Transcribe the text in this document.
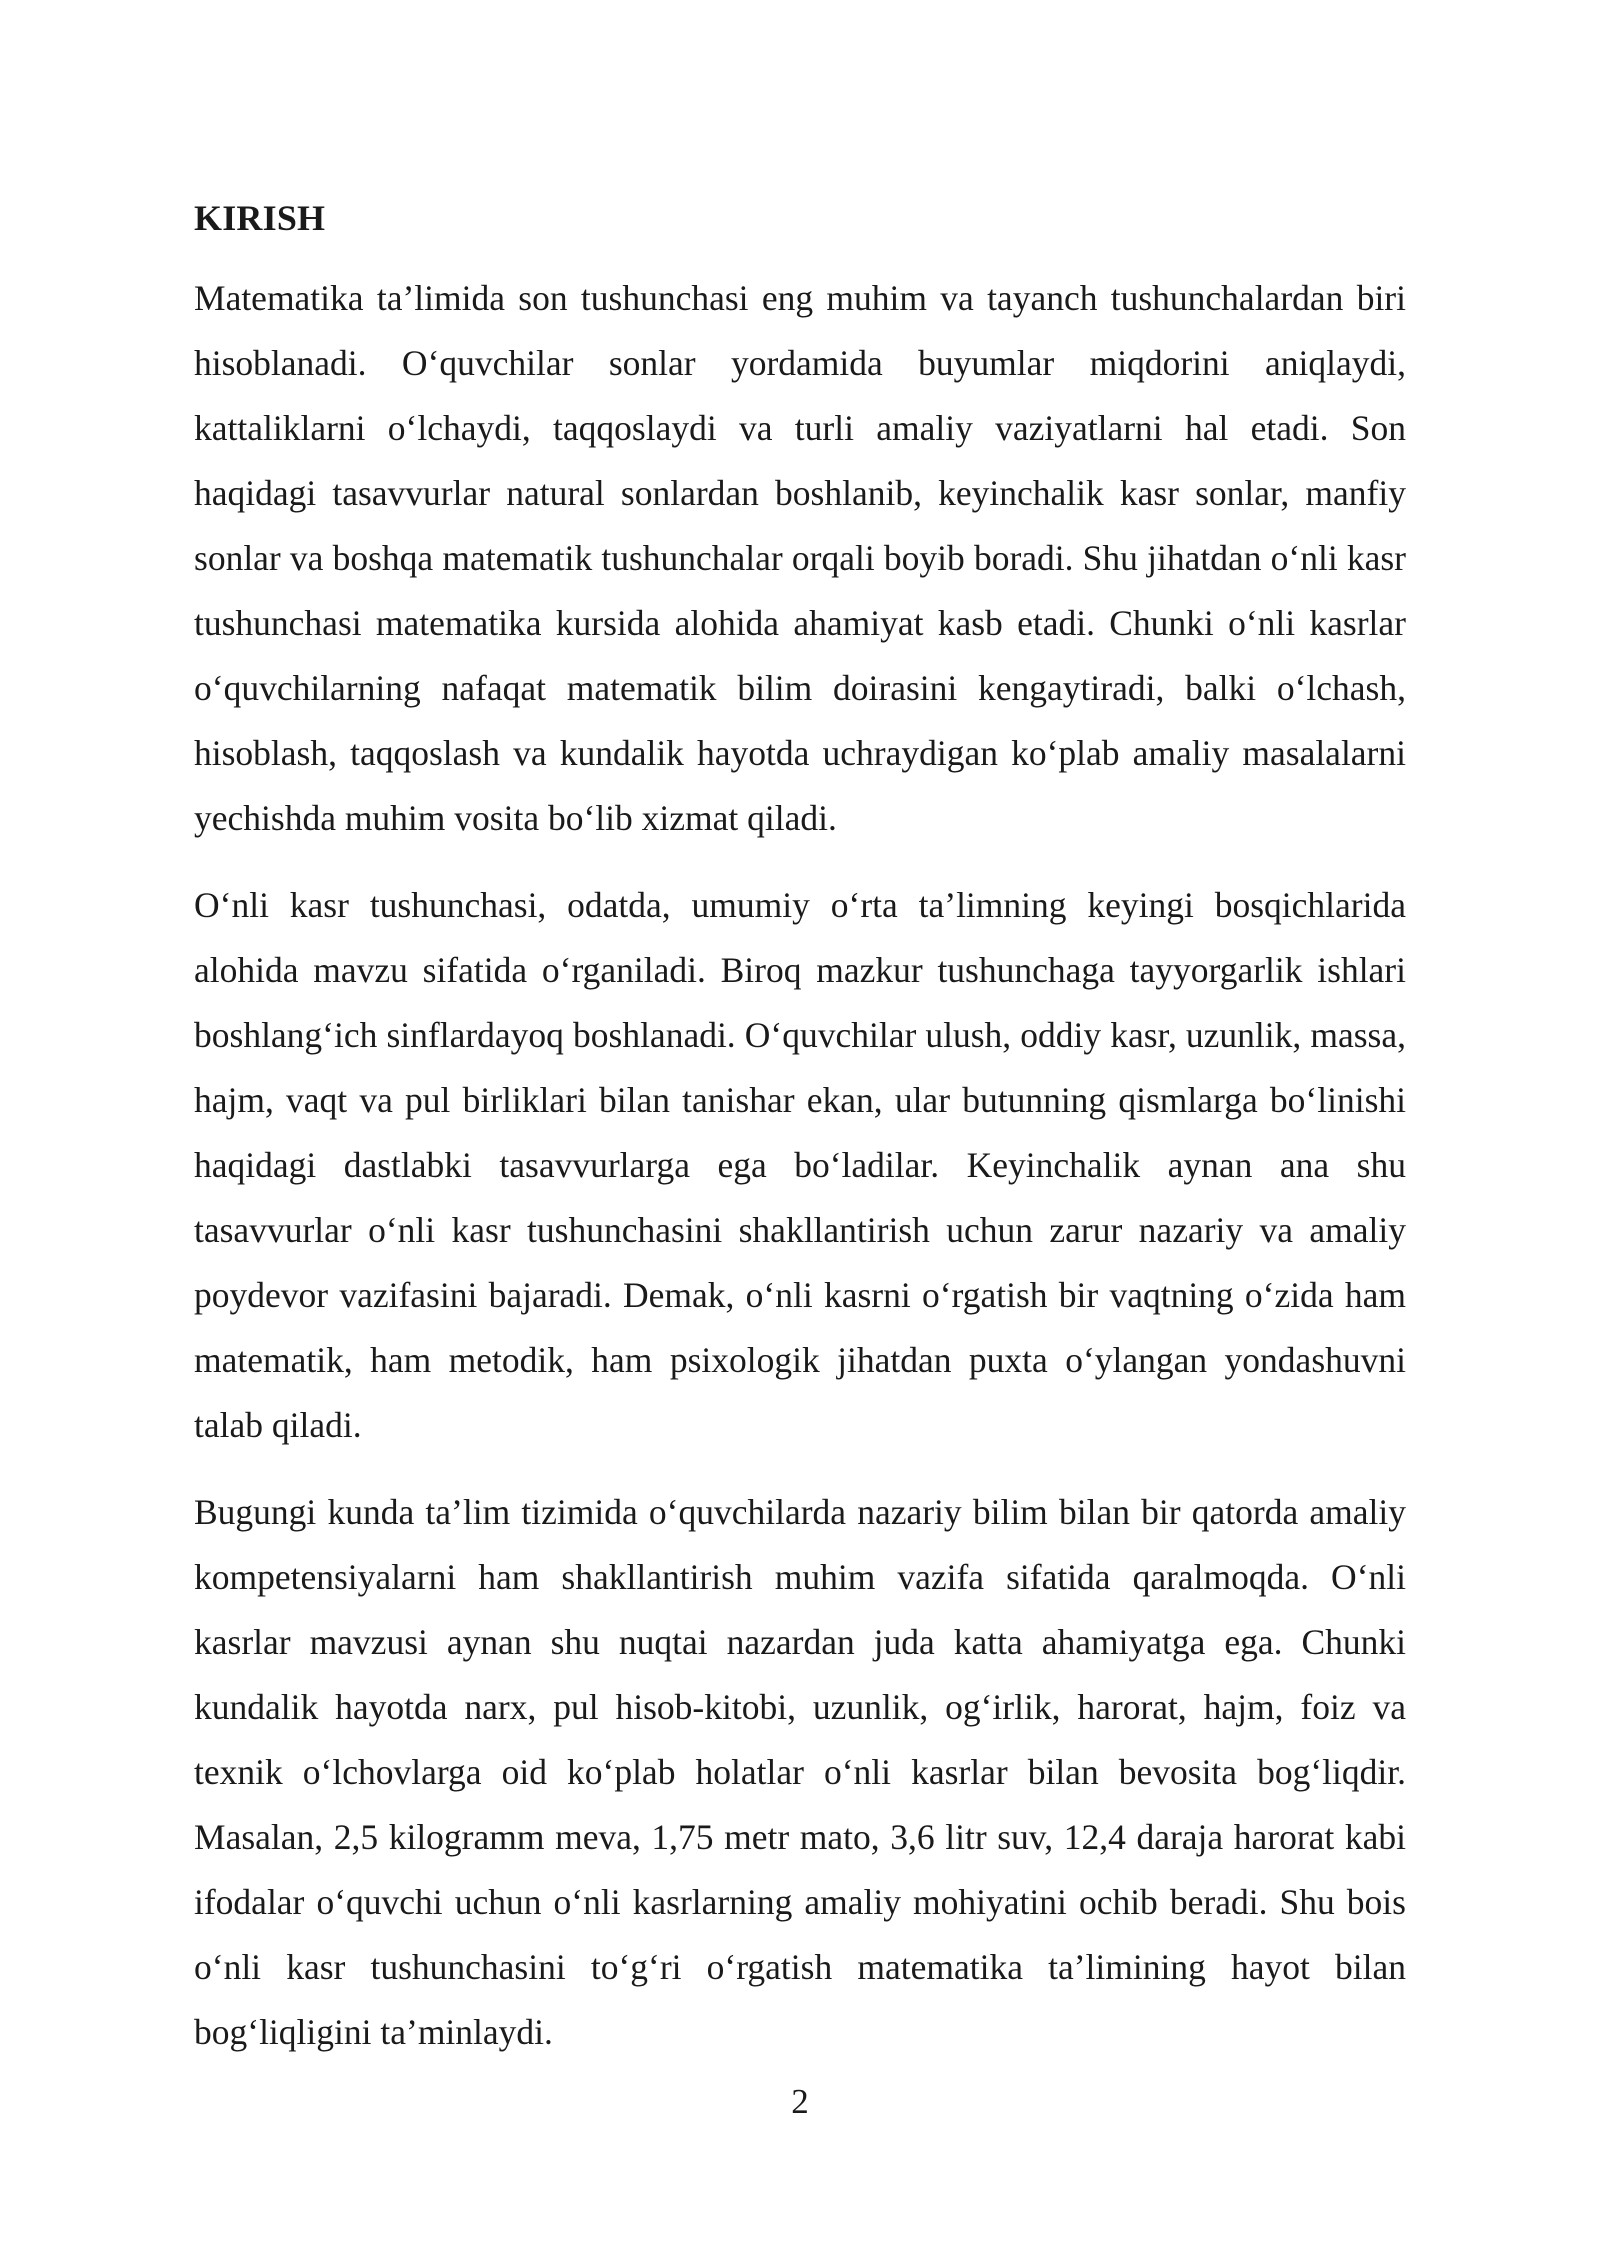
KIRISH

Matematika ta’limida son tushunchasi eng muhim va tayanch tushunchalardan biri hisoblanadi. O‘quvchilar sonlar yordamida buyumlar miqdorini aniqlaydi, kattaliklarni o‘lchaydi, taqqoslaydi va turli amaliy vaziyatlarni hal etadi. Son haqidagi tasavvurlar natural sonlardan boshlanib, keyinchalik kasr sonlar, manfiy sonlar va boshqa matematik tushunchalar orqali boyib boradi. Shu jihatdan o‘nli kasr tushunchasi matematika kursida alohida ahamiyat kasb etadi. Chunki o‘nli kasrlar o‘quvchilarning nafaqat matematik bilim doirasini kengaytiradi, balki o‘lchash, hisoblash, taqqoslash va kundalik hayotda uchraydigan ko‘plab amaliy masalalarni yechishda muhim vosita bo‘lib xizmat qiladi.

O‘nli kasr tushunchasi, odatda, umumiy o‘rta ta’limning keyingi bosqichlarida alohida mavzu sifatida o‘rganiladi. Biroq mazkur tushunchaga tayyorgarlik ishlari boshlang‘ich sinflardayoq boshlanadi. O‘quvchilar ulush, oddiy kasr, uzunlik, massa, hajm, vaqt va pul birliklari bilan tanishar ekan, ular butunning qismlarga bo‘linishi haqidagi dastlabki tasavvurlarga ega bo‘ladilar. Keyinchalik aynan ana shu tasavvurlar o‘nli kasr tushunchasini shakllantirish uchun zarur nazariy va amaliy poydevor vazifasini bajaradi. Demak, o‘nli kasrni o‘rgatish bir vaqtning o‘zida ham matematik, ham metodik, ham psixologik jihatdan puxta o‘ylangan yondashuvni talab qiladi.

Bugungi kunda ta’lim tizimida o‘quvchilarda nazariy bilim bilan bir qatorda amaliy kompetensiyalarni ham shakllantirish muhim vazifa sifatida qaralmoqda. O‘nli kasrlar mavzusi aynan shu nuqtai nazardan juda katta ahamiyatga ega. Chunki kundalik hayotda narx, pul hisob-kitobi, uzunlik, og‘irlik, harorat, hajm, foiz va texnik o‘lchovlarga oid ko‘plab holatlar o‘nli kasrlar bilan bevosita bog‘liqdir. Masalan, 2,5 kilogramm meva, 1,75 metr mato, 3,6 litr suv, 12,4 daraja harorat kabi ifodalar o‘quvchi uchun o‘nli kasrlarning amaliy mohiyatini ochib beradi. Shu bois o‘nli kasr tushunchasini to‘g‘ri o‘rgatish matematika ta’limining hayot bilan bog‘liqligini ta’minlaydi.

2
